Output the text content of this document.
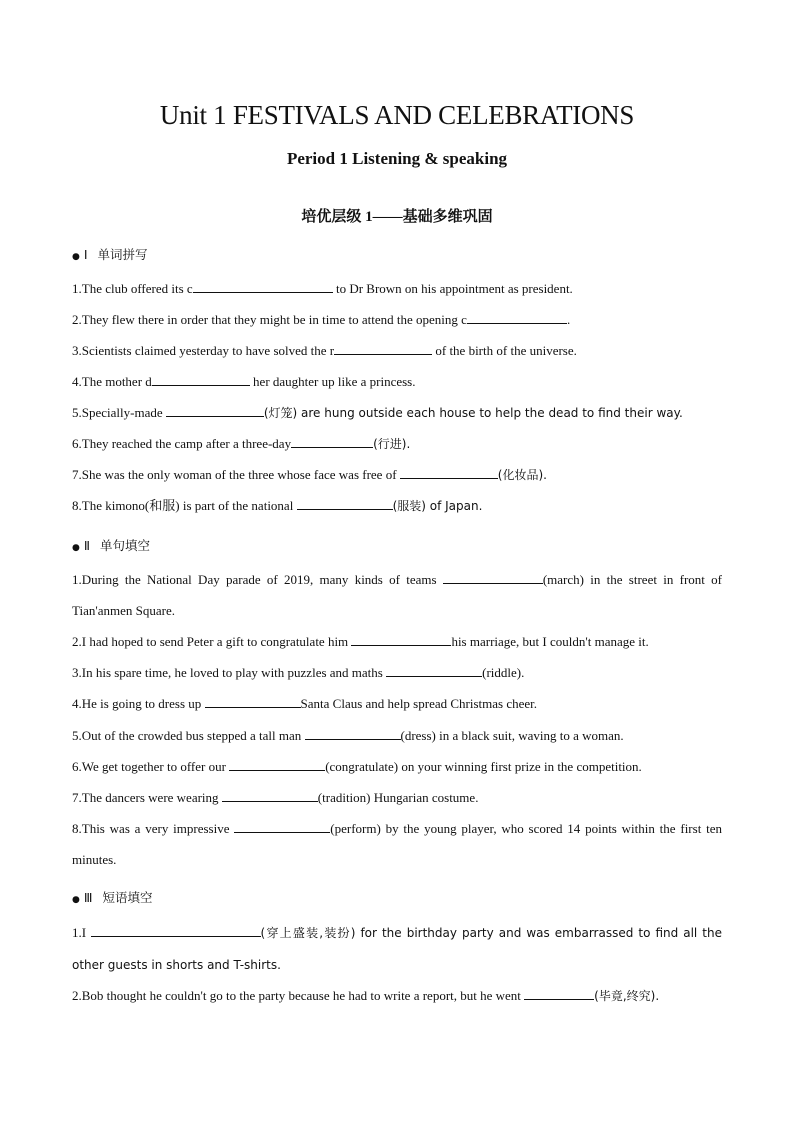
Unit 1 FESTIVALS AND CELEBRATIONS
Period 1 Listening & speaking
培优层级 1——基础多维巩固
● Ⅰ 单词拼写
1.The club offered its c	to Dr Brown on his appointment as president.
2.They flew there in order that they might be in time to attend the opening c	.
3.Scientists claimed yesterday to have solved the r	of the birth of the universe.
4.The mother d	her daughter up like a princess.
5.Specially-made	(灯笼) are hung outside each house to help the dead to find their way.
6.They reached the camp after a three-day	(行进).
7.She was the only woman of the three whose face was free of	(化妆品).
8.The kimono(和服) is part of the national	(服装) of Japan.
● Ⅱ 单句填空
1.During the National Day parade of 2019, many kinds of teams	(march) in the street in front of Tian'anmen Square.
2.I had hoped to send Peter a gift to congratulate him	his marriage, but I couldn't manage it.
3.In his spare time, he loved to play with puzzles and maths	(riddle).
4.He is going to dress up	Santa Claus and help spread Christmas cheer.
5.Out of the crowded bus stepped a tall man	(dress) in a black suit, waving to a woman.
6.We get together to offer our	(congratulate) on your winning first prize in the competition.
7.The dancers were wearing	(tradition) Hungarian costume.
8.This was a very impressive	(perform) by the young player, who scored 14 points within the first ten minutes.
● Ⅲ 短语填空
1.I	(穿上盛装,装扮) for the birthday party and was embarrassed to find all the other guests in shorts and T-shirts.
2.Bob thought he couldn't go to the party because he had to write a report, but he went	(毕竟,终究).
